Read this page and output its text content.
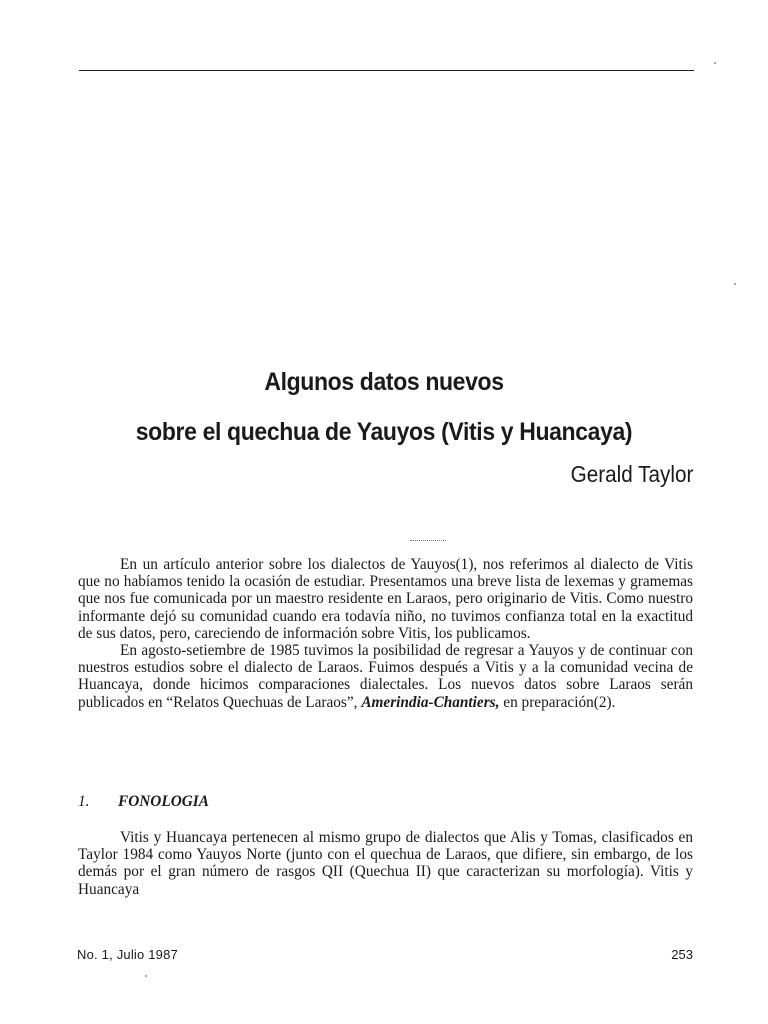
Algunos datos nuevos
sobre el quechua de Yauyos (Vitis y Huancaya)
Gerald Taylor

En un artículo anterior sobre los dialectos de Yauyos(1), nos referimos al dialecto de Vitis que no habíamos tenido la ocasión de estudiar. Presentamos una breve lista de lexemas y gramemas que nos fue comunicada por un maestro residente en Laraos, pero originario de Vitis. Como nuestro informante dejó su comunidad cuando era todavía niño, no tuvimos confianza total en la exactitud de sus datos, pero, careciendo de información sobre Vitis, los publicamos.

En agosto-setiembre de 1985 tuvimos la posibilidad de regresar a Yauyos y de continuar con nuestros estudios sobre el dialecto de Laraos. Fuimos después a Vitis y a la comunidad vecina de Huancaya, donde hicimos comparaciones dialectales. Los nuevos datos sobre Laraos serán publicados en “Relatos Quechuas de Laraos”, Amerindia-Chantiers, en preparación(2).

1. FONOLOGIA

Vitis y Huancaya pertenecen al mismo grupo de dialectos que Alis y Tomas, clasificados en Taylor 1984 como Yauyos Norte (junto con el quechua de Laraos, que difiere, sin embargo, de los demás por el gran número de rasgos QII (Quechua II) que caracterizan su morfología). Vitis y Huancaya

No. 1, Julio 1987	253
